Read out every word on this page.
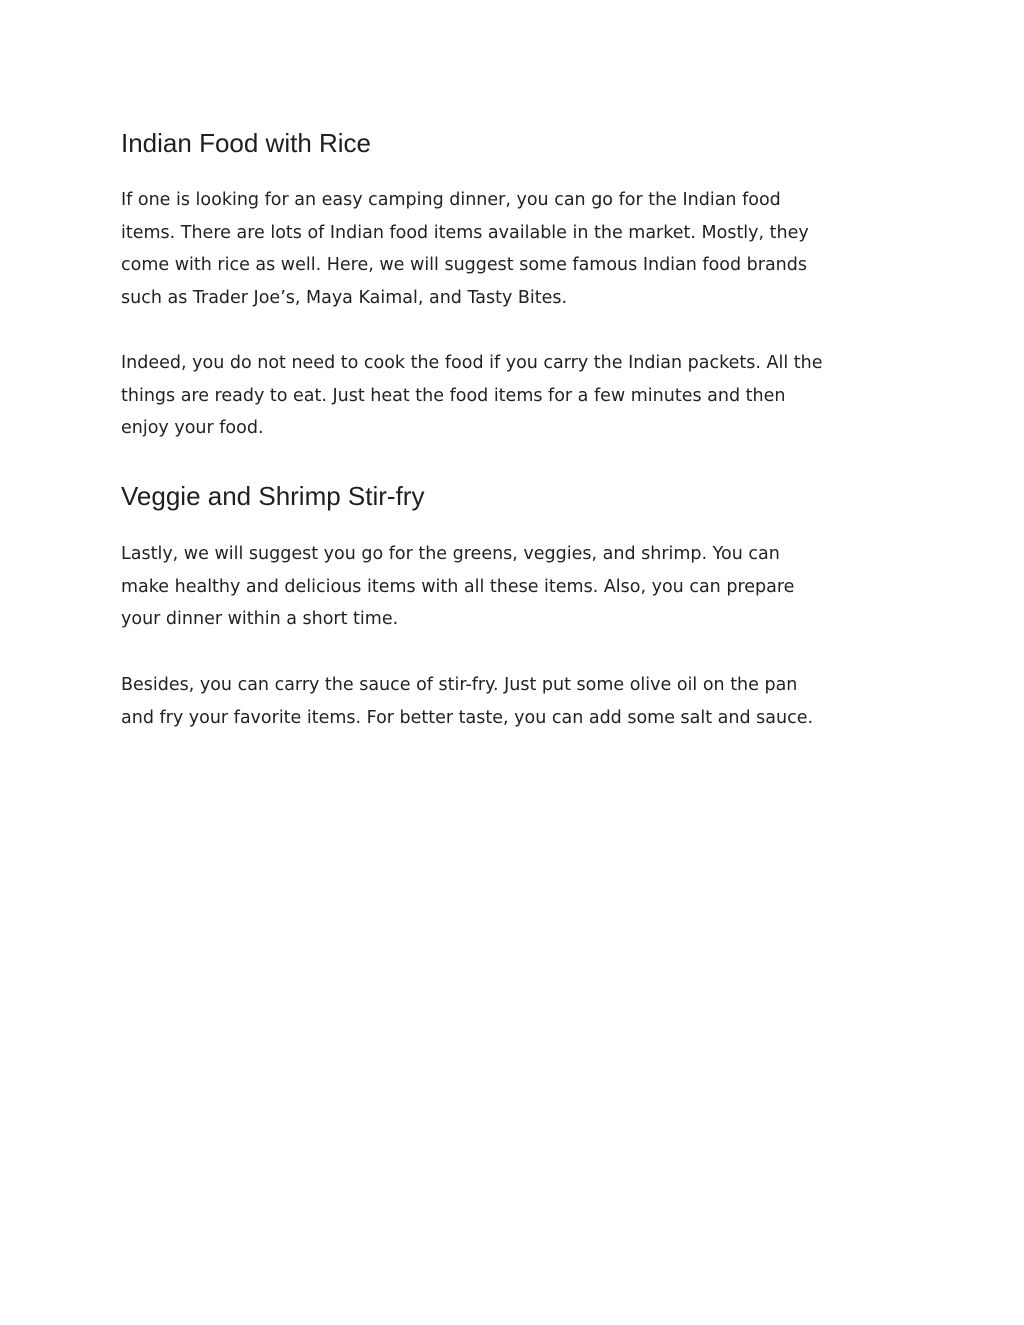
Indian Food with Rice

If one is looking for an easy camping dinner, you can go for the Indian food
items. There are lots of Indian food items available in the market. Mostly, they
come with rice as well. Here, we will suggest some famous Indian food brands
such as Trader Joe’s, Maya Kaimal, and Tasty Bites.

Indeed, you do not need to cook the food if you carry the Indian packets. All the
things are ready to eat. Just heat the food items for a few minutes and then
enjoy your food.

Veggie and Shrimp Stir-fry

Lastly, we will suggest you go for the greens, veggies, and shrimp. You can
make healthy and delicious items with all these items. Also, you can prepare
your dinner within a short time.

Besides, you can carry the sauce of stir-fry. Just put some olive oil on the pan
and fry your favorite items. For better taste, you can add some salt and sauce.
